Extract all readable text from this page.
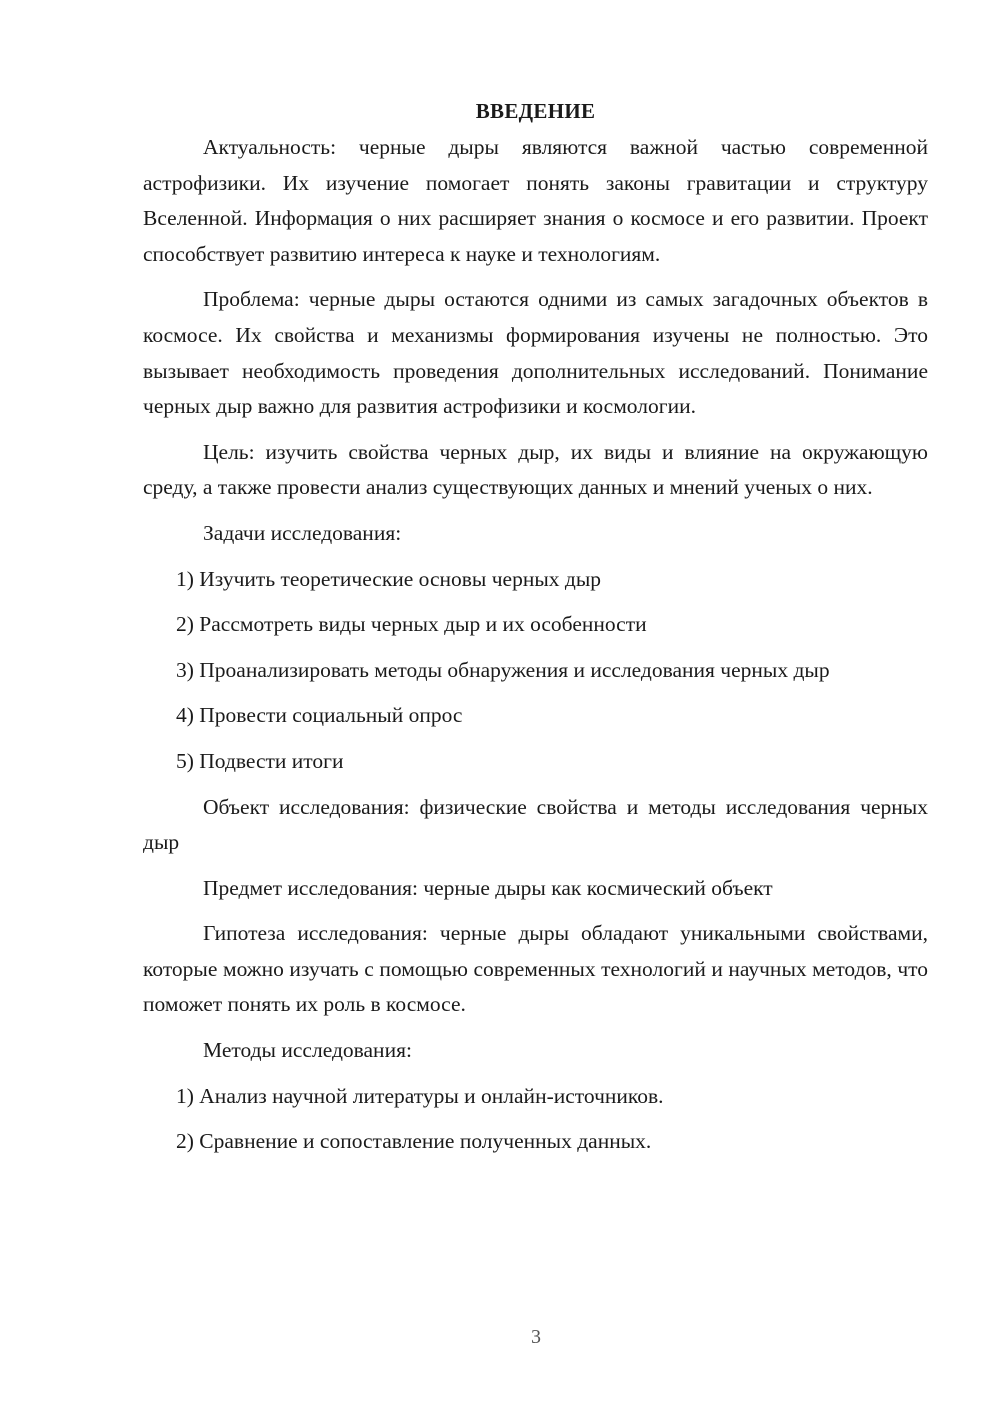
ВВЕДЕНИЕ

Актуальность: черные дыры являются важной частью современной астрофизики. Их изучение помогает понять законы гравитации и структуру Вселенной. Информация о них расширяет знания о космосе и его развитии. Проект способствует развитию интереса к науке и технологиям.

Проблема: черные дыры остаются одними из самых загадочных объектов в космосе. Их свойства и механизмы формирования изучены не полностью. Это вызывает необходимость проведения дополнительных исследований. Понимание черных дыр важно для развития астрофизики и космологии.

Цель: изучить свойства черных дыр, их виды и влияние на окружающую среду, а также провести анализ существующих данных и мнений ученых о них.

Задачи исследования:

1) Изучить теоретические основы черных дыр

2) Рассмотреть виды черных дыр и их особенности

3) Проанализировать методы обнаружения и исследования черных дыр

4) Провести социальный опрос

5) Подвести итоги

Объект исследования: физические свойства и методы исследования черных дыр

Предмет исследования: черные дыры как космический объект

Гипотеза исследования: черные дыры обладают уникальными свойствами, которые можно изучать с помощью современных технологий и научных методов, что поможет понять их роль в космосе.

Методы исследования:

1) Анализ научной литературы и онлайн-источников.

2) Сравнение и сопоставление полученных данных.

3
